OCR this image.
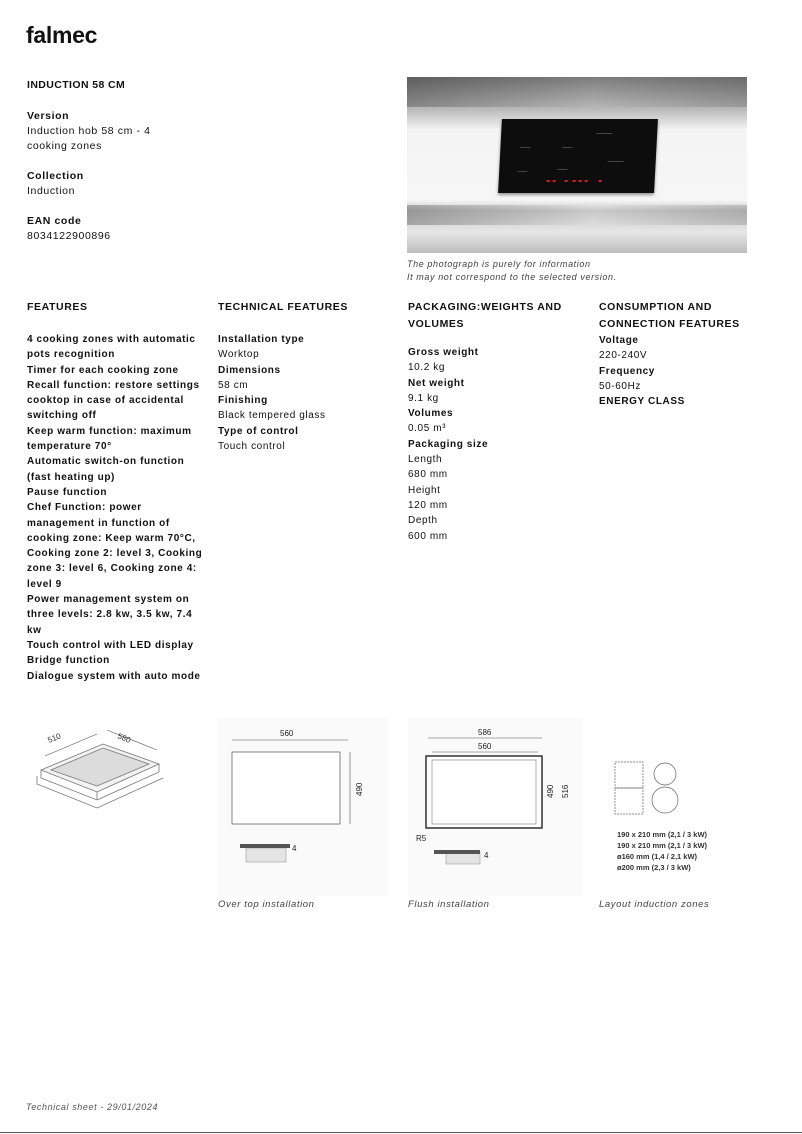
falmec
INDUCTION 58 CM
Version
Induction hob 58 cm - 4 cooking zones
Collection
Induction
EAN code
8034122900896
The photograph is purely for information
It may not correspond to the selected version.
FEATURES
4 cooking zones with automatic pots recognition
Timer for each cooking zone
Recall function: restore settings cooktop in case of accidental switching off
Keep warm function: maximum temperature 70°
Automatic switch-on function (fast heating up)
Pause function
Chef Function: power management in function of cooking zone: Keep warm 70°C, Cooking zone 2: level 3, Cooking zone 3: level 6, Cooking zone 4: level 9
Power management system on three levels: 2.8 kw, 3.5 kw, 7.4 kw
Touch control with LED display
Bridge function
Dialogue system with auto mode
TECHNICAL FEATURES
Installation type
Worktop
Dimensions
58 cm
Finishing
Black tempered glass
Type of control
Touch control
PACKAGING:WEIGHTS AND VOLUMES
Gross weight
10.2 kg
Net weight
9.1 kg
Volumes
0.05 m³
Packaging size
Length
680 mm
Height
120 mm
Depth
600 mm
CONSUMPTION AND CONNECTION FEATURES
Voltage
220-240V
Frequency
50-60Hz
ENERGY CLASS
510	580	560
490
4
586
560
490 516
R5
4
190 x 210 mm (2,1 / 3 kW)
190 x 210 mm (2,1 / 3 kW)
ø160 mm (1,4 / 2,1 kW)
ø200 mm (2,3 / 3 kW)
Over top installation	Flush installation	Layout induction zones
Technical sheet - 29/01/2024
